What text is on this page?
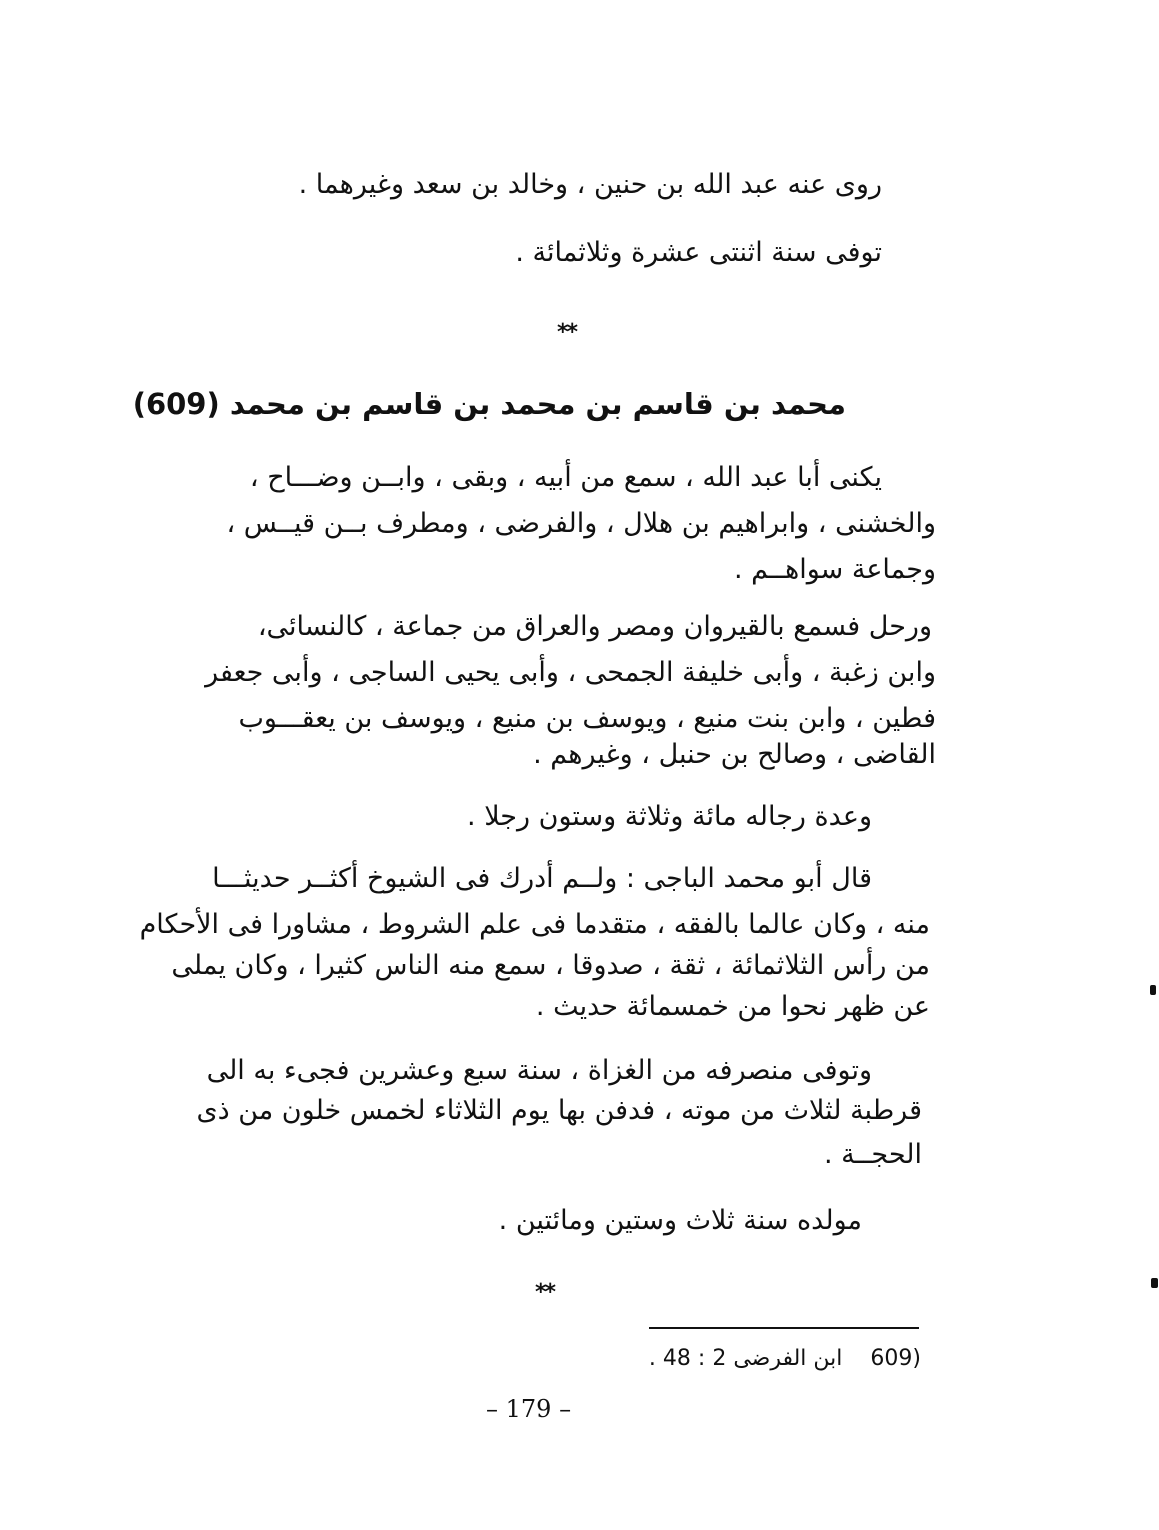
روى عنه عبد الله بن حنين ، وخالد بن سعد وغيرهما .
توفى سنة اثنتى عشرة وثلاثمائة .
**
محمد بن قاسم بن محمد بن قاسم بن محمد (609)
يكنى أبا عبد الله ، سمع من أبيه ، وبقى ، وابــن وضـــاح ،
والخشنى ، وابراهيم بن هلال ، والفرضى ، ومطرف بــن قيــس ،
وجماعة سواهــم .
ورحل فسمع بالقيروان ومصر والعراق من جماعة ، كالنسائى،
وابن زغبة ، وأبى خليفة الجمحى ، وأبى يحيى الساجى ، وأبى جعفر
فطين ، وابن بنت منيع ، ويوسف بن منيع ، ويوسف بن يعقـــوب
القاضى ، وصالح بن حنبل ، وغيرهم .
وعدة رجاله مائة وثلاثة وستون رجلا .
قال أبو محمد الباجى : ولــم أدرك فى الشيوخ أكثــر حديثـــا
منه ، وكان عالما بالفقه ، متقدما فى علم الشروط ، مشاورا فى الأحكام
من رأس الثلاثمائة ، ثقة ، صدوقا ، سمع منه الناس كثيرا ، وكان يملى
عن ظهر نحوا من خمسمائة حديث .
وتوفى منصرفه من الغزاة ، سنة سبع وعشرين فجىء به الى
قرطبة لثلاث من موته ، فدفن بها يوم الثلاثاء لخمس خلون من ذى
الحجــة .
مولده سنة ثلاث وستين ومائتين .
**
(609  ابن الفرضى 2 : 48 .
– 179 –
